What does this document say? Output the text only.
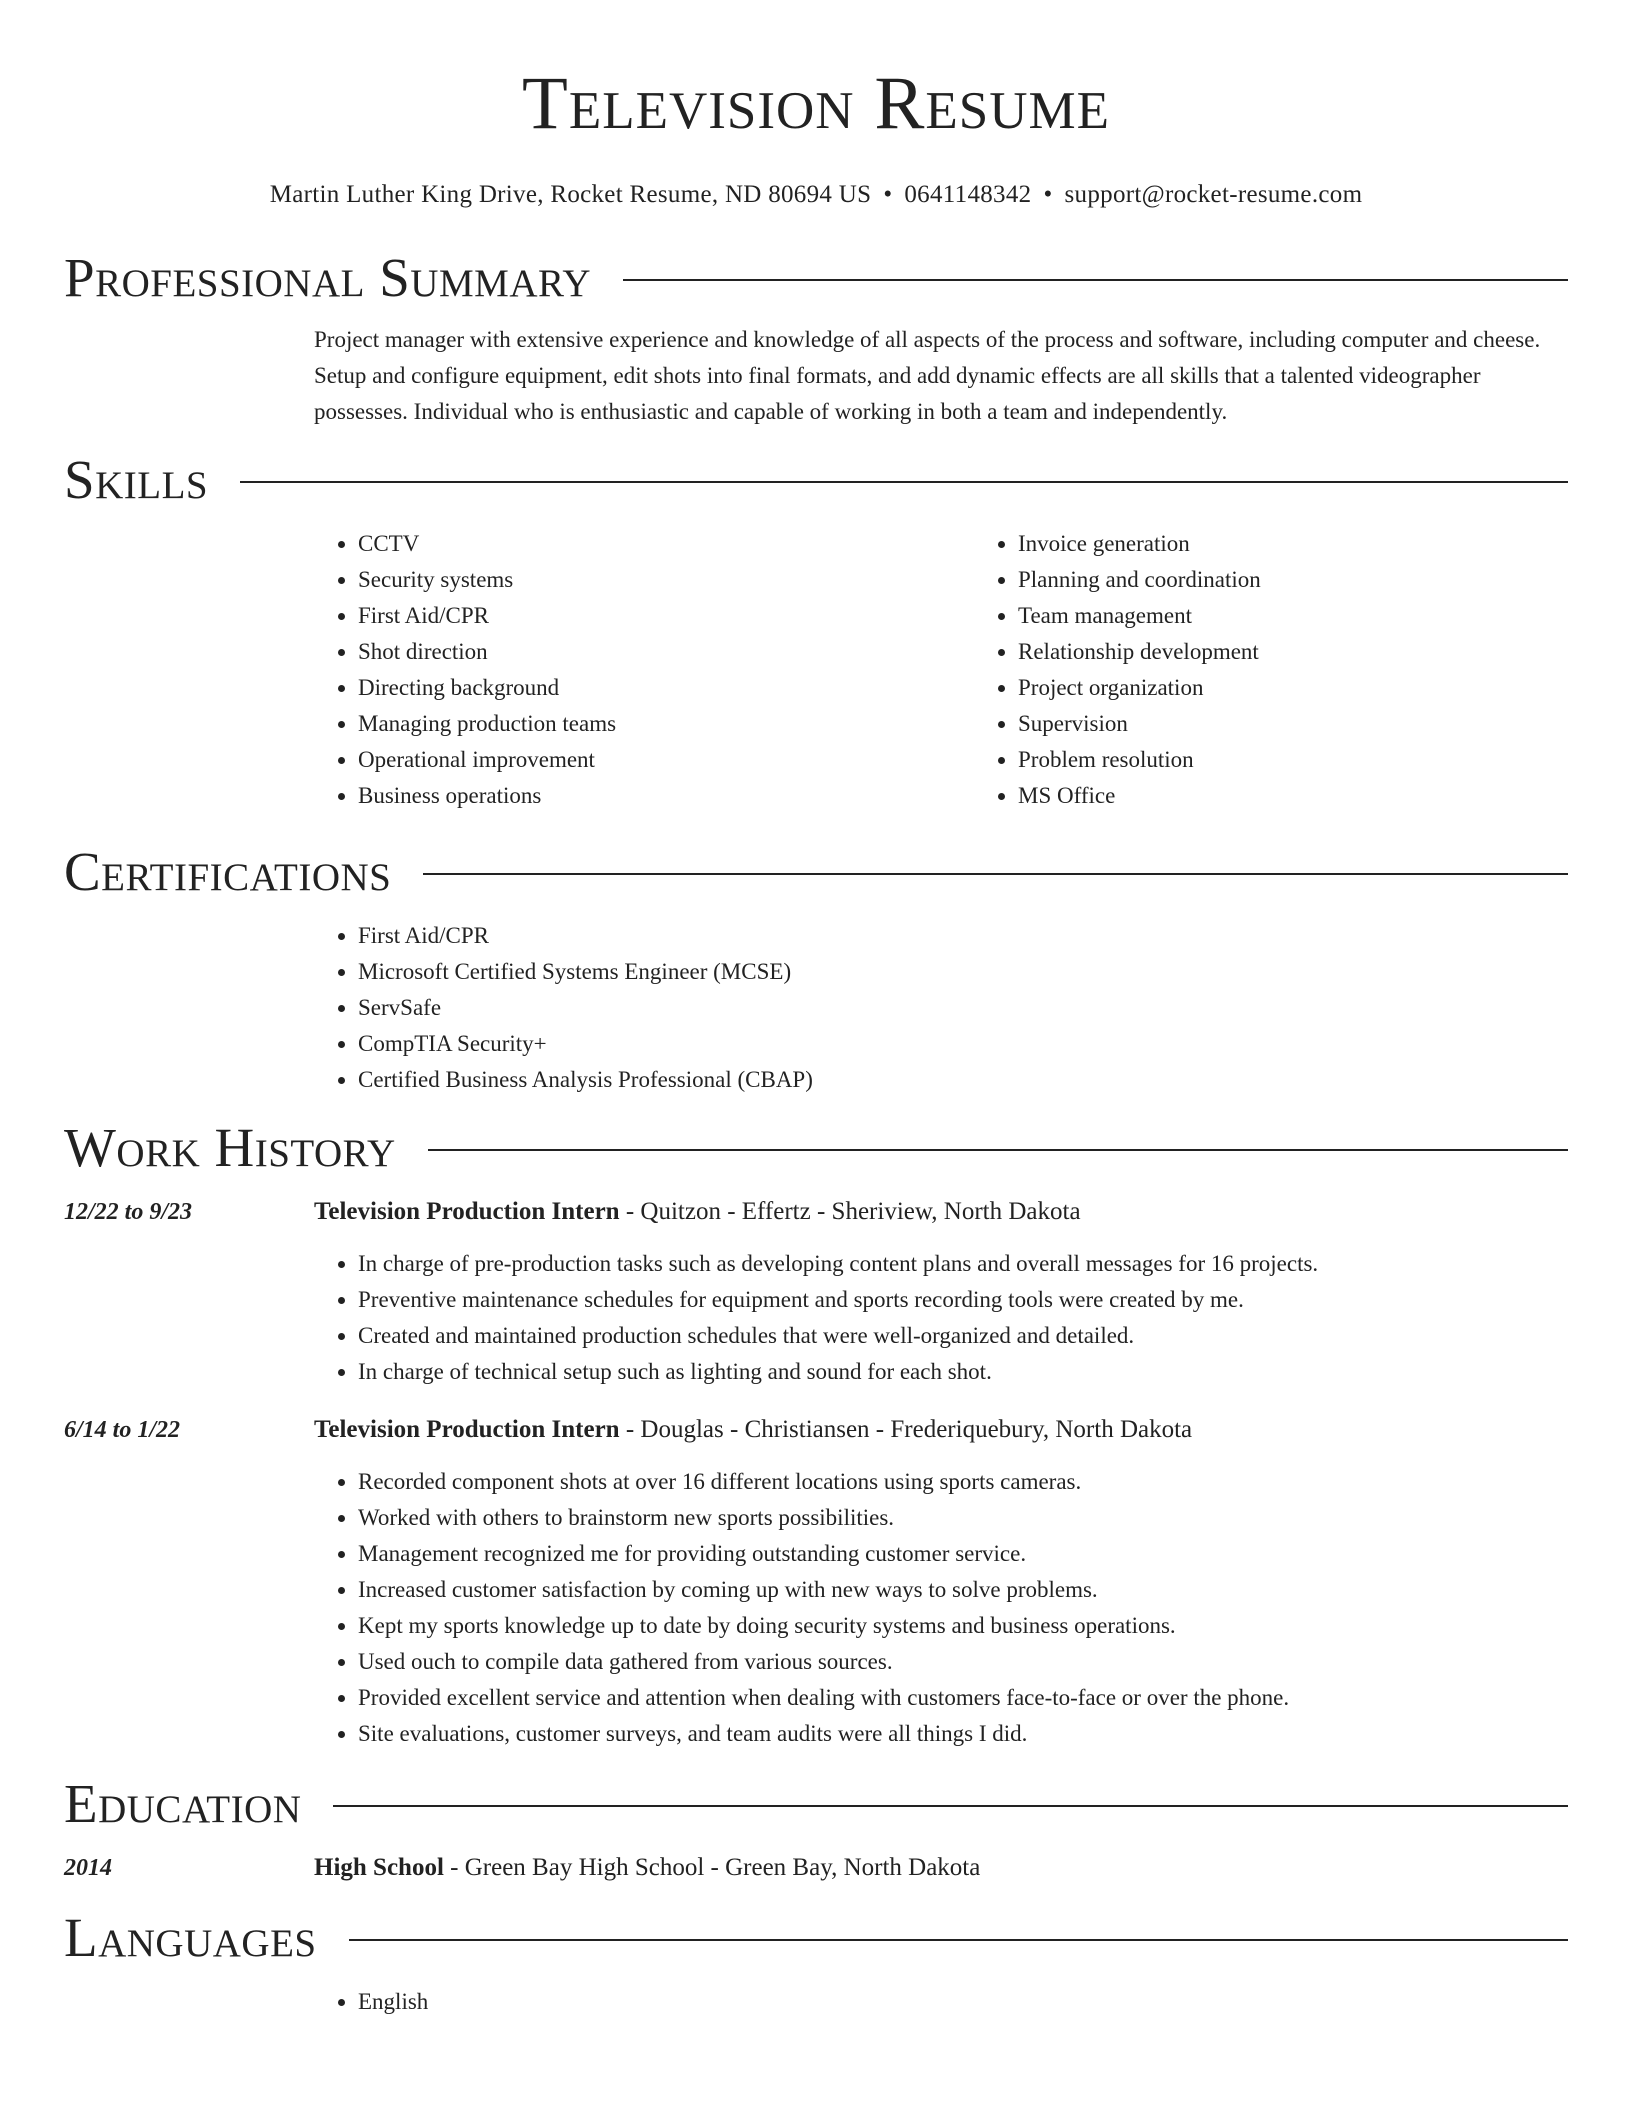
Television Resume
Martin Luther King Drive, Rocket Resume, ND 80694 US • 0641148342 • support@rocket-resume.com
Professional Summary

Project manager with extensive experience and knowledge of all aspects of the process and software, including computer and cheese. Setup and configure equipment, edit shots into final formats, and add dynamic effects are all skills that a talented videographer possesses. Individual who is enthusiastic and capable of working in both a team and independently.

Skills
• CCTV
• Security systems
• First Aid/CPR
• Shot direction
• Directing background
• Managing production teams
• Operational improvement
• Business operations
• Invoice generation
• Planning and coordination
• Team management
• Relationship development
• Project organization
• Supervision
• Problem resolution
• MS Office
Certifications
• First Aid/CPR
• Microsoft Certified Systems Engineer (MCSE)
• ServSafe
• CompTIA Security+
• Certified Business Analysis Professional (CBAP)
Work History
12/22 to 9/23	Television Production Intern - Quitzon - Effertz - Sheriview, North Dakota
• In charge of pre-production tasks such as developing content plans and overall messages for 16 projects.
• Preventive maintenance schedules for equipment and sports recording tools were created by me.
• Created and maintained production schedules that were well-organized and detailed.
• In charge of technical setup such as lighting and sound for each shot.
6/14 to 1/22	Television Production Intern - Douglas - Christiansen - Frederiquebury, North Dakota
• Recorded component shots at over 16 different locations using sports cameras.
• Worked with others to brainstorm new sports possibilities.
• Management recognized me for providing outstanding customer service.
• Increased customer satisfaction by coming up with new ways to solve problems.
• Kept my sports knowledge up to date by doing security systems and business operations.
• Used ouch to compile data gathered from various sources.
• Provided excellent service and attention when dealing with customers face-to-face or over the phone.
• Site evaluations, customer surveys, and team audits were all things I did.
Education
2014	High School - Green Bay High School - Green Bay, North Dakota
Languages
• English
